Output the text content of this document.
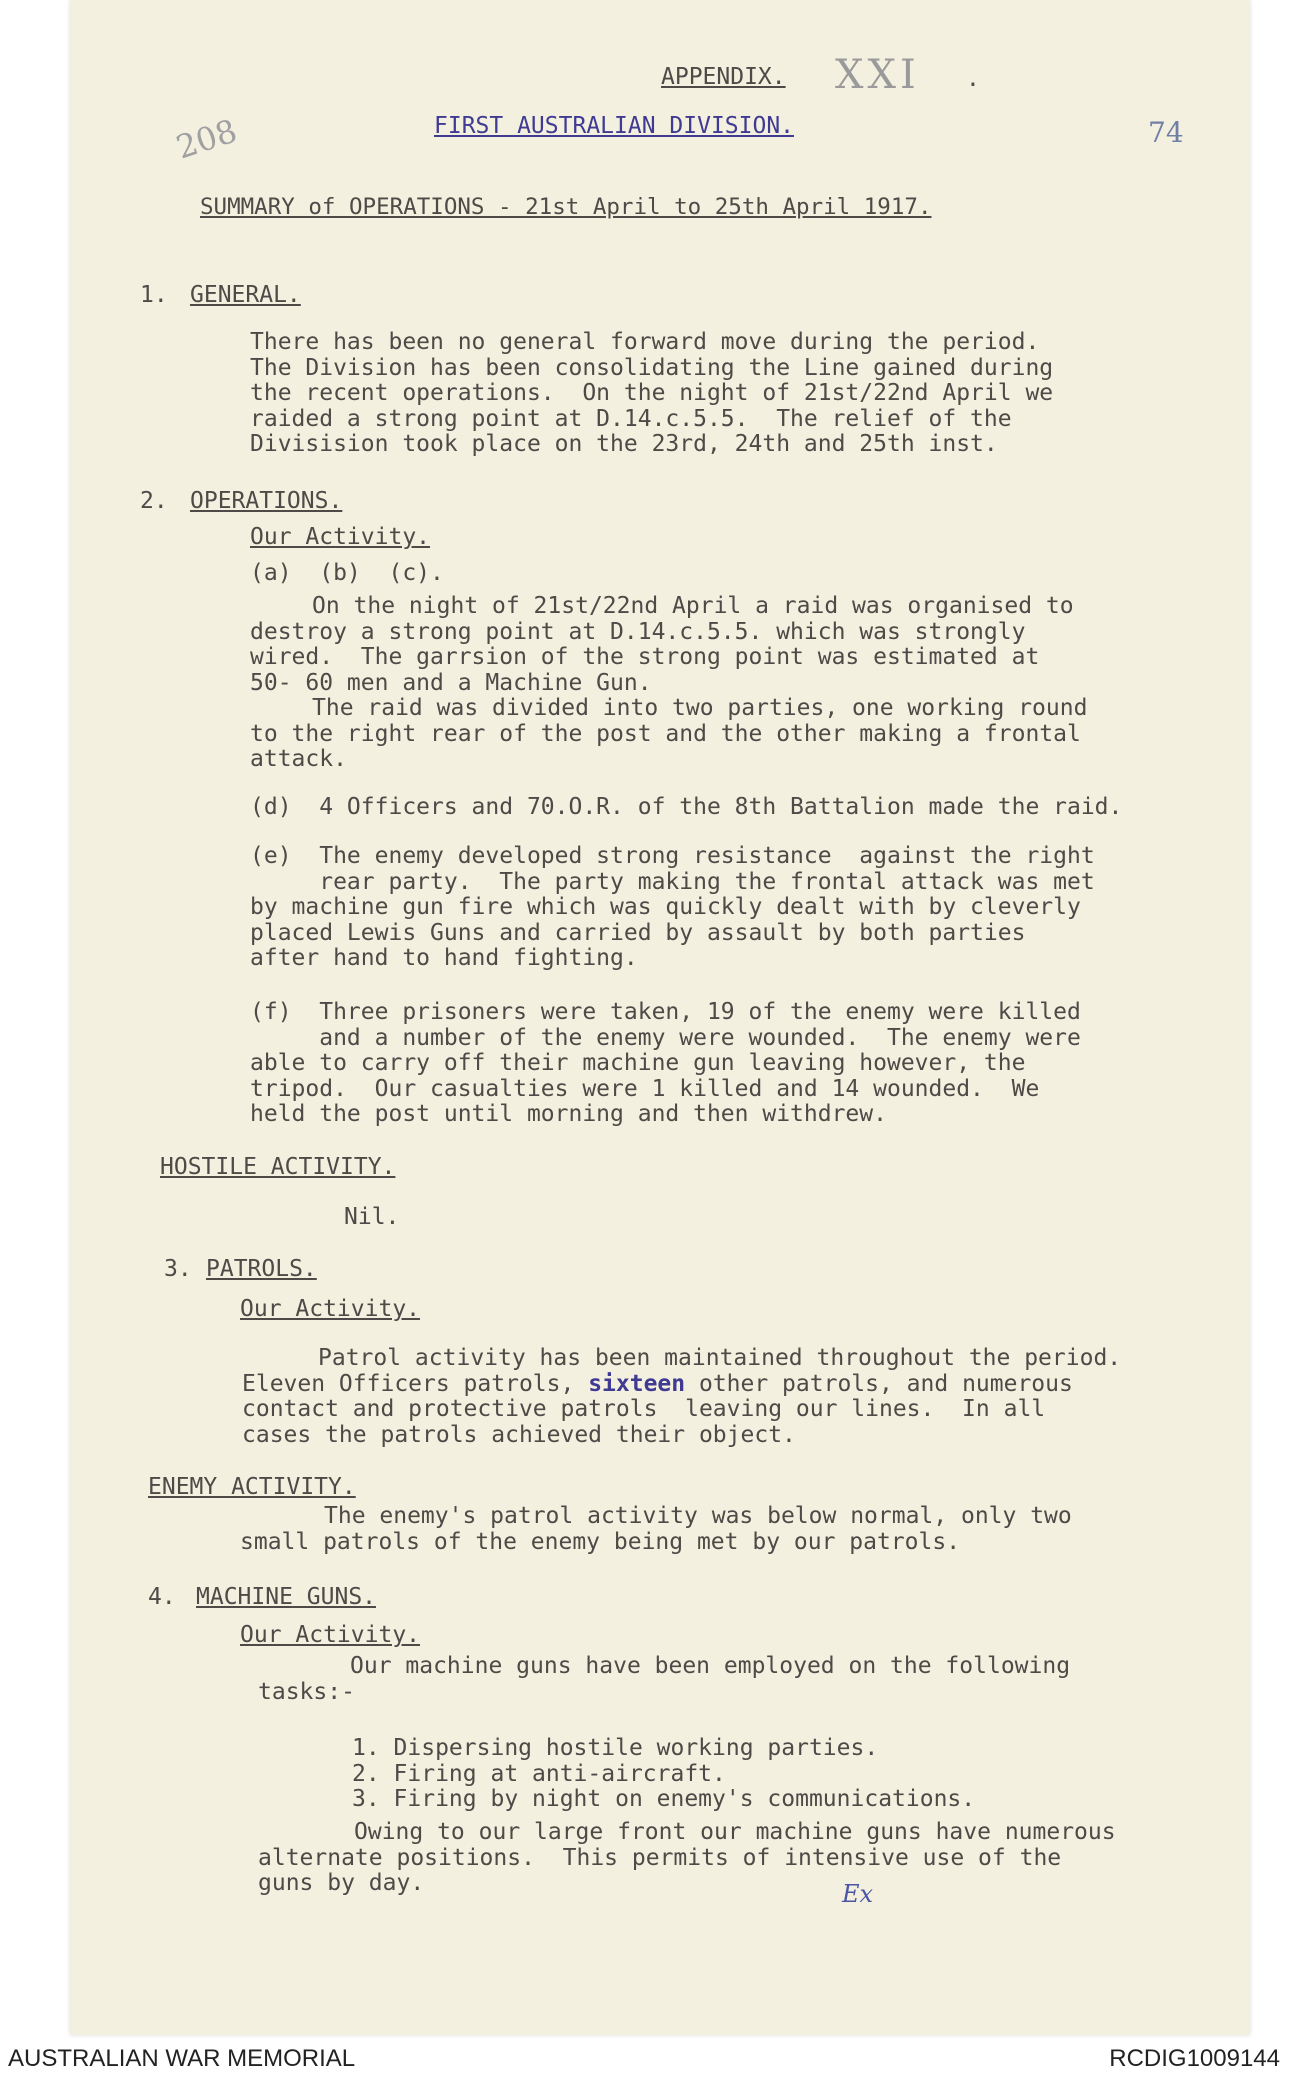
APPENDIX. XXI .
FIRST AUSTRALIAN DIVISION.
208	74
SUMMARY of OPERATIONS - 21st April to 25th April 1917.
1. GENERAL.
There has been no general forward move during the period.
The Division has been consolidating the Line gained during
the recent operations.  On the night of 21st/22nd April we
raided a strong point at D.14.c.5.5.  The relief of the
Divisision took place on the 23rd, 24th and 25th inst.
2. OPERATIONS.
Our Activity.
(a)  (b)  (c).
On the night of 21st/22nd April a raid was organised to
destroy a strong point at D.14.c.5.5. which was strongly
wired.  The garrsion of the strong point was estimated at
50- 60 men and a Machine Gun.
The raid was divided into two parties, one working round
to the right rear of the post and the other making a frontal
attack.
(d)  4 Officers and 70.O.R. of the 8th Battalion made the raid.
(e)  The enemy developed strong resistance  against the right
rear party.  The party making the frontal attack was met
by machine gun fire which was quickly dealt with by cleverly
placed Lewis Guns and carried by assault by both parties
after hand to hand fighting.
(f)  Three prisoners were taken, 19 of the enemy were killed
and a number of the enemy were wounded.  The enemy were
able to carry off their machine gun leaving however, the
tripod.  Our casualties were 1 killed and 14 wounded.  We
held the post until morning and then withdrew.
HOSTILE ACTIVITY.
Nil.
3. PATROLS.
Our Activity.
Patrol activity has been maintained throughout the period.
Eleven Officers patrols, sixteen other patrols, and numerous
contact and protective patrols  leaving our lines.  In all
cases the patrols achieved their object.
ENEMY ACTIVITY.
The enemy's patrol activity was below normal, only two
small patrols of the enemy being met by our patrols.
4. MACHINE GUNS.
Our Activity.
Our machine guns have been employed on the following
tasks:-
1. Dispersing hostile working parties.
2. Firing at anti-aircraft.
3. Firing by night on enemy's communications.
Owing to our large front our machine guns have numerous
alternate positions.  This permits of intensive use of the
guns by day.	Ex
AUSTRALIAN WAR MEMORIAL	RCDIG1009144
